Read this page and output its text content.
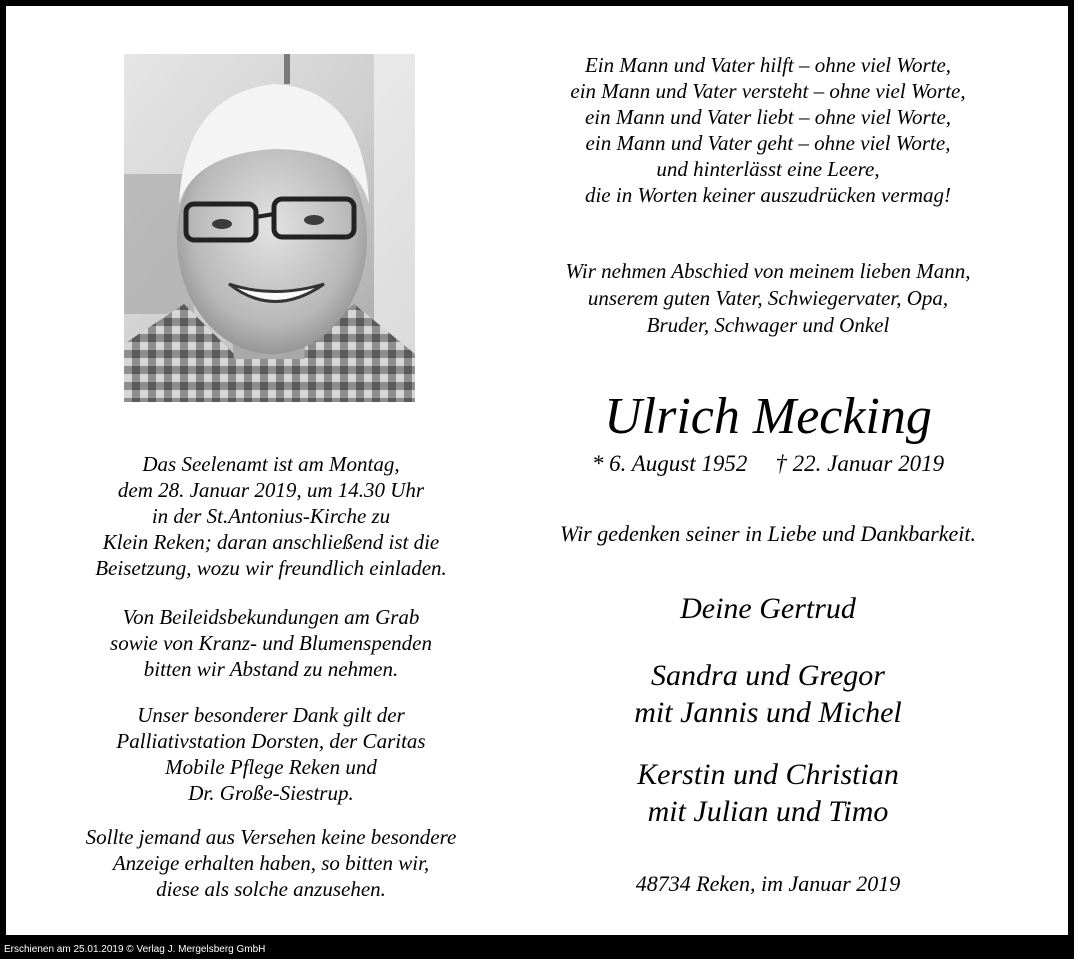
Ein Mann und Vater hilft – ohne viel Worte,
ein Mann und Vater versteht – ohne viel Worte,
ein Mann und Vater liebt – ohne viel Worte,
ein Mann und Vater geht – ohne viel Worte,
und hinterlässt eine Leere,
die in Worten keiner auszudrücken vermag!
Wir nehmen Abschied von meinem lieben Mann,
unserem guten Vater, Schwiegervater, Opa,
Bruder, Schwager und Onkel
Ulrich Mecking
* 6. August 1952 † 22. Januar 2019
Wir gedenken seiner in Liebe und Dankbarkeit.
Deine Gertrud
Sandra und Gregor
mit Jannis und Michel
Kerstin und Christian
mit Julian und Timo
48734 Reken, im Januar 2019
Das Seelenamt ist am Montag,
dem 28. Januar 2019, um 14.30 Uhr
in der St.Antonius-Kirche zu
Klein Reken; daran anschließend ist die
Beisetzung, wozu wir freundlich einladen.
Von Beileidsbekundungen am Grab
sowie von Kranz- und Blumenspenden
bitten wir Abstand zu nehmen.
Unser besonderer Dank gilt der
Palliativstation Dorsten, der Caritas
Mobile Pflege Reken und
Dr. Große-Siestrup.
Sollte jemand aus Versehen keine besondere
Anzeige erhalten haben, so bitten wir,
diese als solche anzusehen.
Erschienen am 25.01.2019 © Verlag J. Mergelsberg GmbH
